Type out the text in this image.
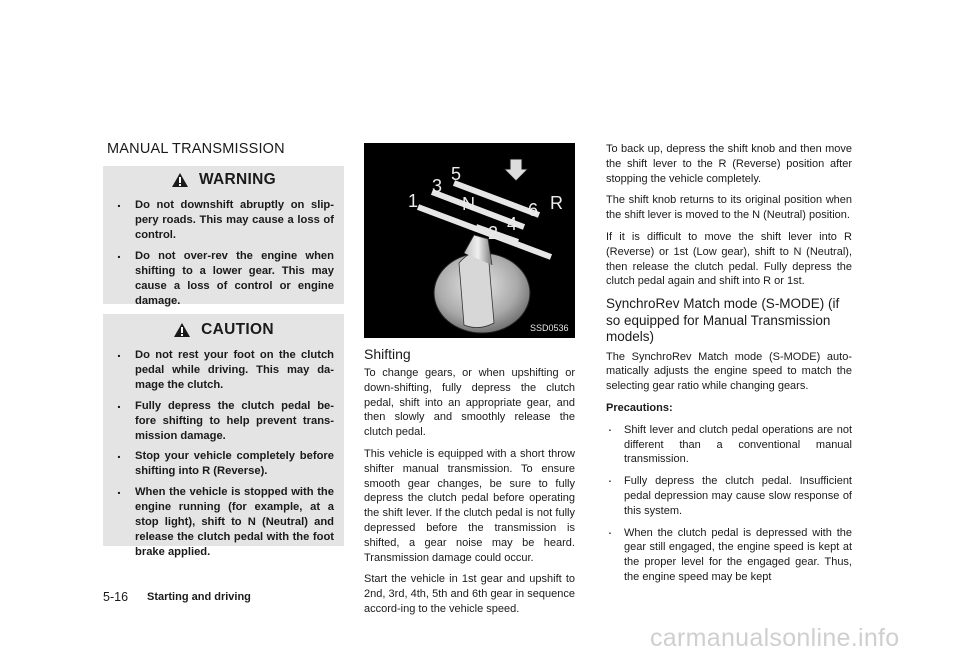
MANUAL TRANSMISSION
WARNING
. Do not downshift abruptly on slip-pery roads. This may cause a loss of control.
. Do not over-rev the engine when shifting to a lower gear. This may cause a loss of control or engine damage.
CAUTION
. Do not rest your foot on the clutch pedal while driving. This may da-mage the clutch.
. Fully depress the clutch pedal be-fore shifting to help prevent trans-mission damage.
. Stop your vehicle completely before shifting into R (Reverse).
. When the vehicle is stopped with the engine running (for example, at a stop light), shift to N (Neutral) and release the clutch pedal with the foot brake applied.
1
3
5
N
2 4
6 R
SSD0536
Shifting

To change gears, or when upshifting or down-shifting, fully depress the clutch pedal, shift into an appropriate gear, and then slowly and smoothly release the clutch pedal.

This vehicle is equipped with a short throw shifter manual transmission. To ensure smooth gear changes, be sure to fully depress the clutch pedal before operating the shift lever. If the clutch pedal is not fully depressed before the transmission is shifted, a gear noise may be heard. Transmission damage could occur.

Start the vehicle in 1st gear and upshift to 2nd, 3rd, 4th, 5th and 6th gear in sequence accord-ing to the vehicle speed.

To back up, depress the shift knob and then move the shift lever to the R (Reverse) position after stopping the vehicle completely.

The shift knob returns to its original position when the shift lever is moved to the N (Neutral) position.

If it is difficult to move the shift lever into R (Reverse) or 1st (Low gear), shift to N (Neutral), then release the clutch pedal. Fully depress the clutch pedal again and shift into R or 1st.

SynchroRev Match mode (S-MODE) (if so equipped for Manual Transmission models)

The SynchroRev Match mode (S-MODE) auto-matically adjusts the engine speed to match the selecting gear ratio while changing gears.

Precautions:

. Shift lever and clutch pedal operations are not different than a conventional manual transmission.
. Fully depress the clutch pedal. Insufficient pedal depression may cause slow response of this system.
. When the clutch pedal is depressed with the gear still engaged, the engine speed is kept at the proper level for the engaged gear. Thus, the engine speed may be kept
5-16 Starting and driving
carmanualsonline.info
